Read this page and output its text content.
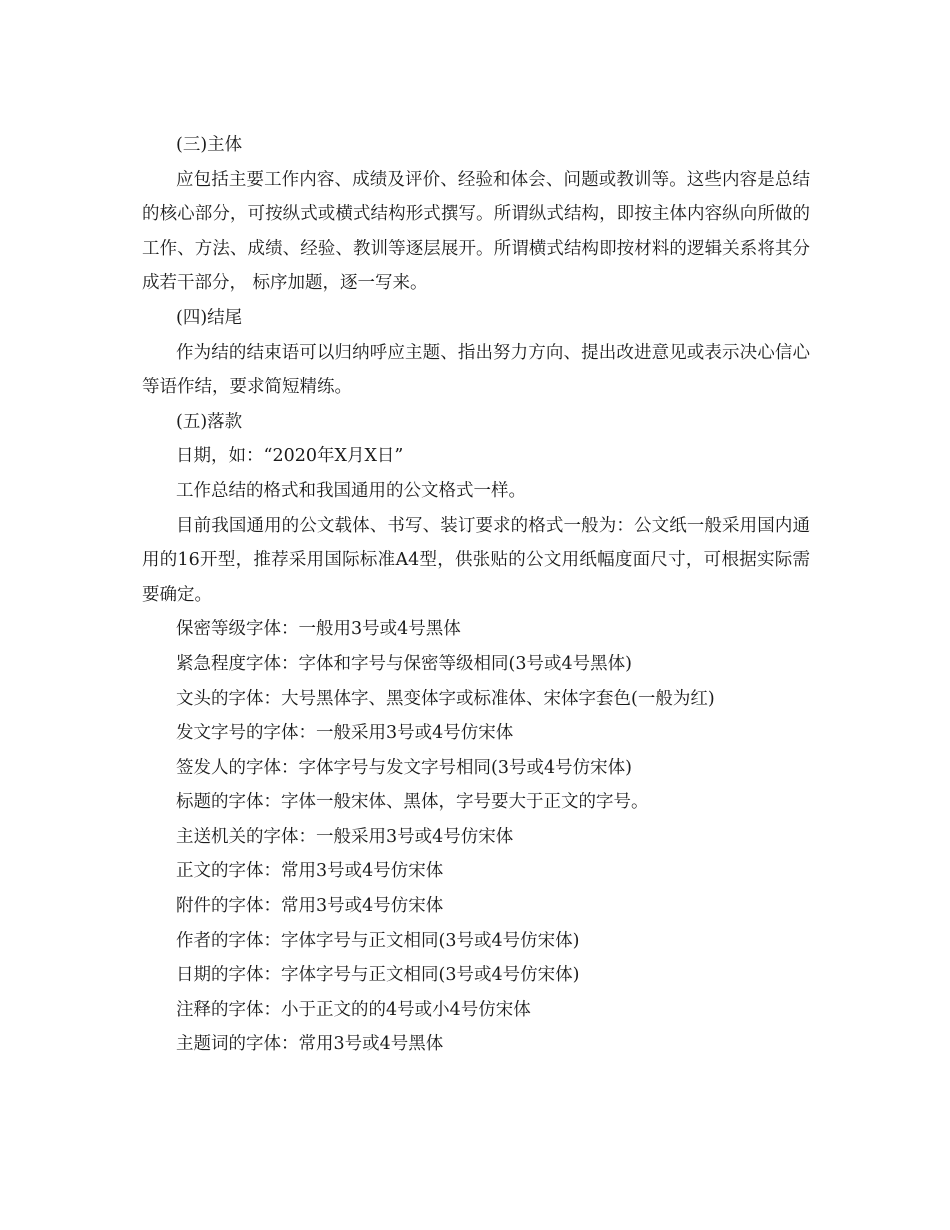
(三)主体

应包括主要工作内容、成绩及评价、经验和体会、问题或教训等。这些内容是总结的核心部分，可按纵式或横式结构形式撰写。所谓纵式结构，即按主体内容纵向所做的工作、方法、成绩、经验、教训等逐层展开。所谓横式结构即按材料的逻辑关系将其分成若干部分， 标序加题，逐一写来。

(四)结尾

作为结的结束语可以归纳呼应主题、指出努力方向、提出改进意见或表示决心信心等语作结，要求简短精练。

(五)落款

日期，如：“2020年X月X日”

工作总结的格式和我国通用的公文格式一样。

目前我国通用的公文载体、书写、装订要求的格式一般为：公文纸一般采用国内通用的16开型，推荐采用国际标准A4型，供张贴的公文用纸幅度面尺寸，可根据实际需要确定。

保密等级字体：一般用3号或4号黑体

紧急程度字体：字体和字号与保密等级相同(3号或4号黑体)

文头的字体：大号黑体字、黑变体字或标准体、宋体字套色(一般为红)

发文字号的字体：一般采用3号或4号仿宋体

签发人的字体：字体字号与发文字号相同(3号或4号仿宋体)

标题的字体：字体一般宋体、黑体，字号要大于正文的字号。

主送机关的字体：一般采用3号或4号仿宋体

正文的字体：常用3号或4号仿宋体

附件的字体：常用3号或4号仿宋体

作者的字体：字体字号与正文相同(3号或4号仿宋体)

日期的字体：字体字号与正文相同(3号或4号仿宋体)

注释的字体：小于正文的的4号或小4号仿宋体

主题词的字体：常用3号或4号黑体
